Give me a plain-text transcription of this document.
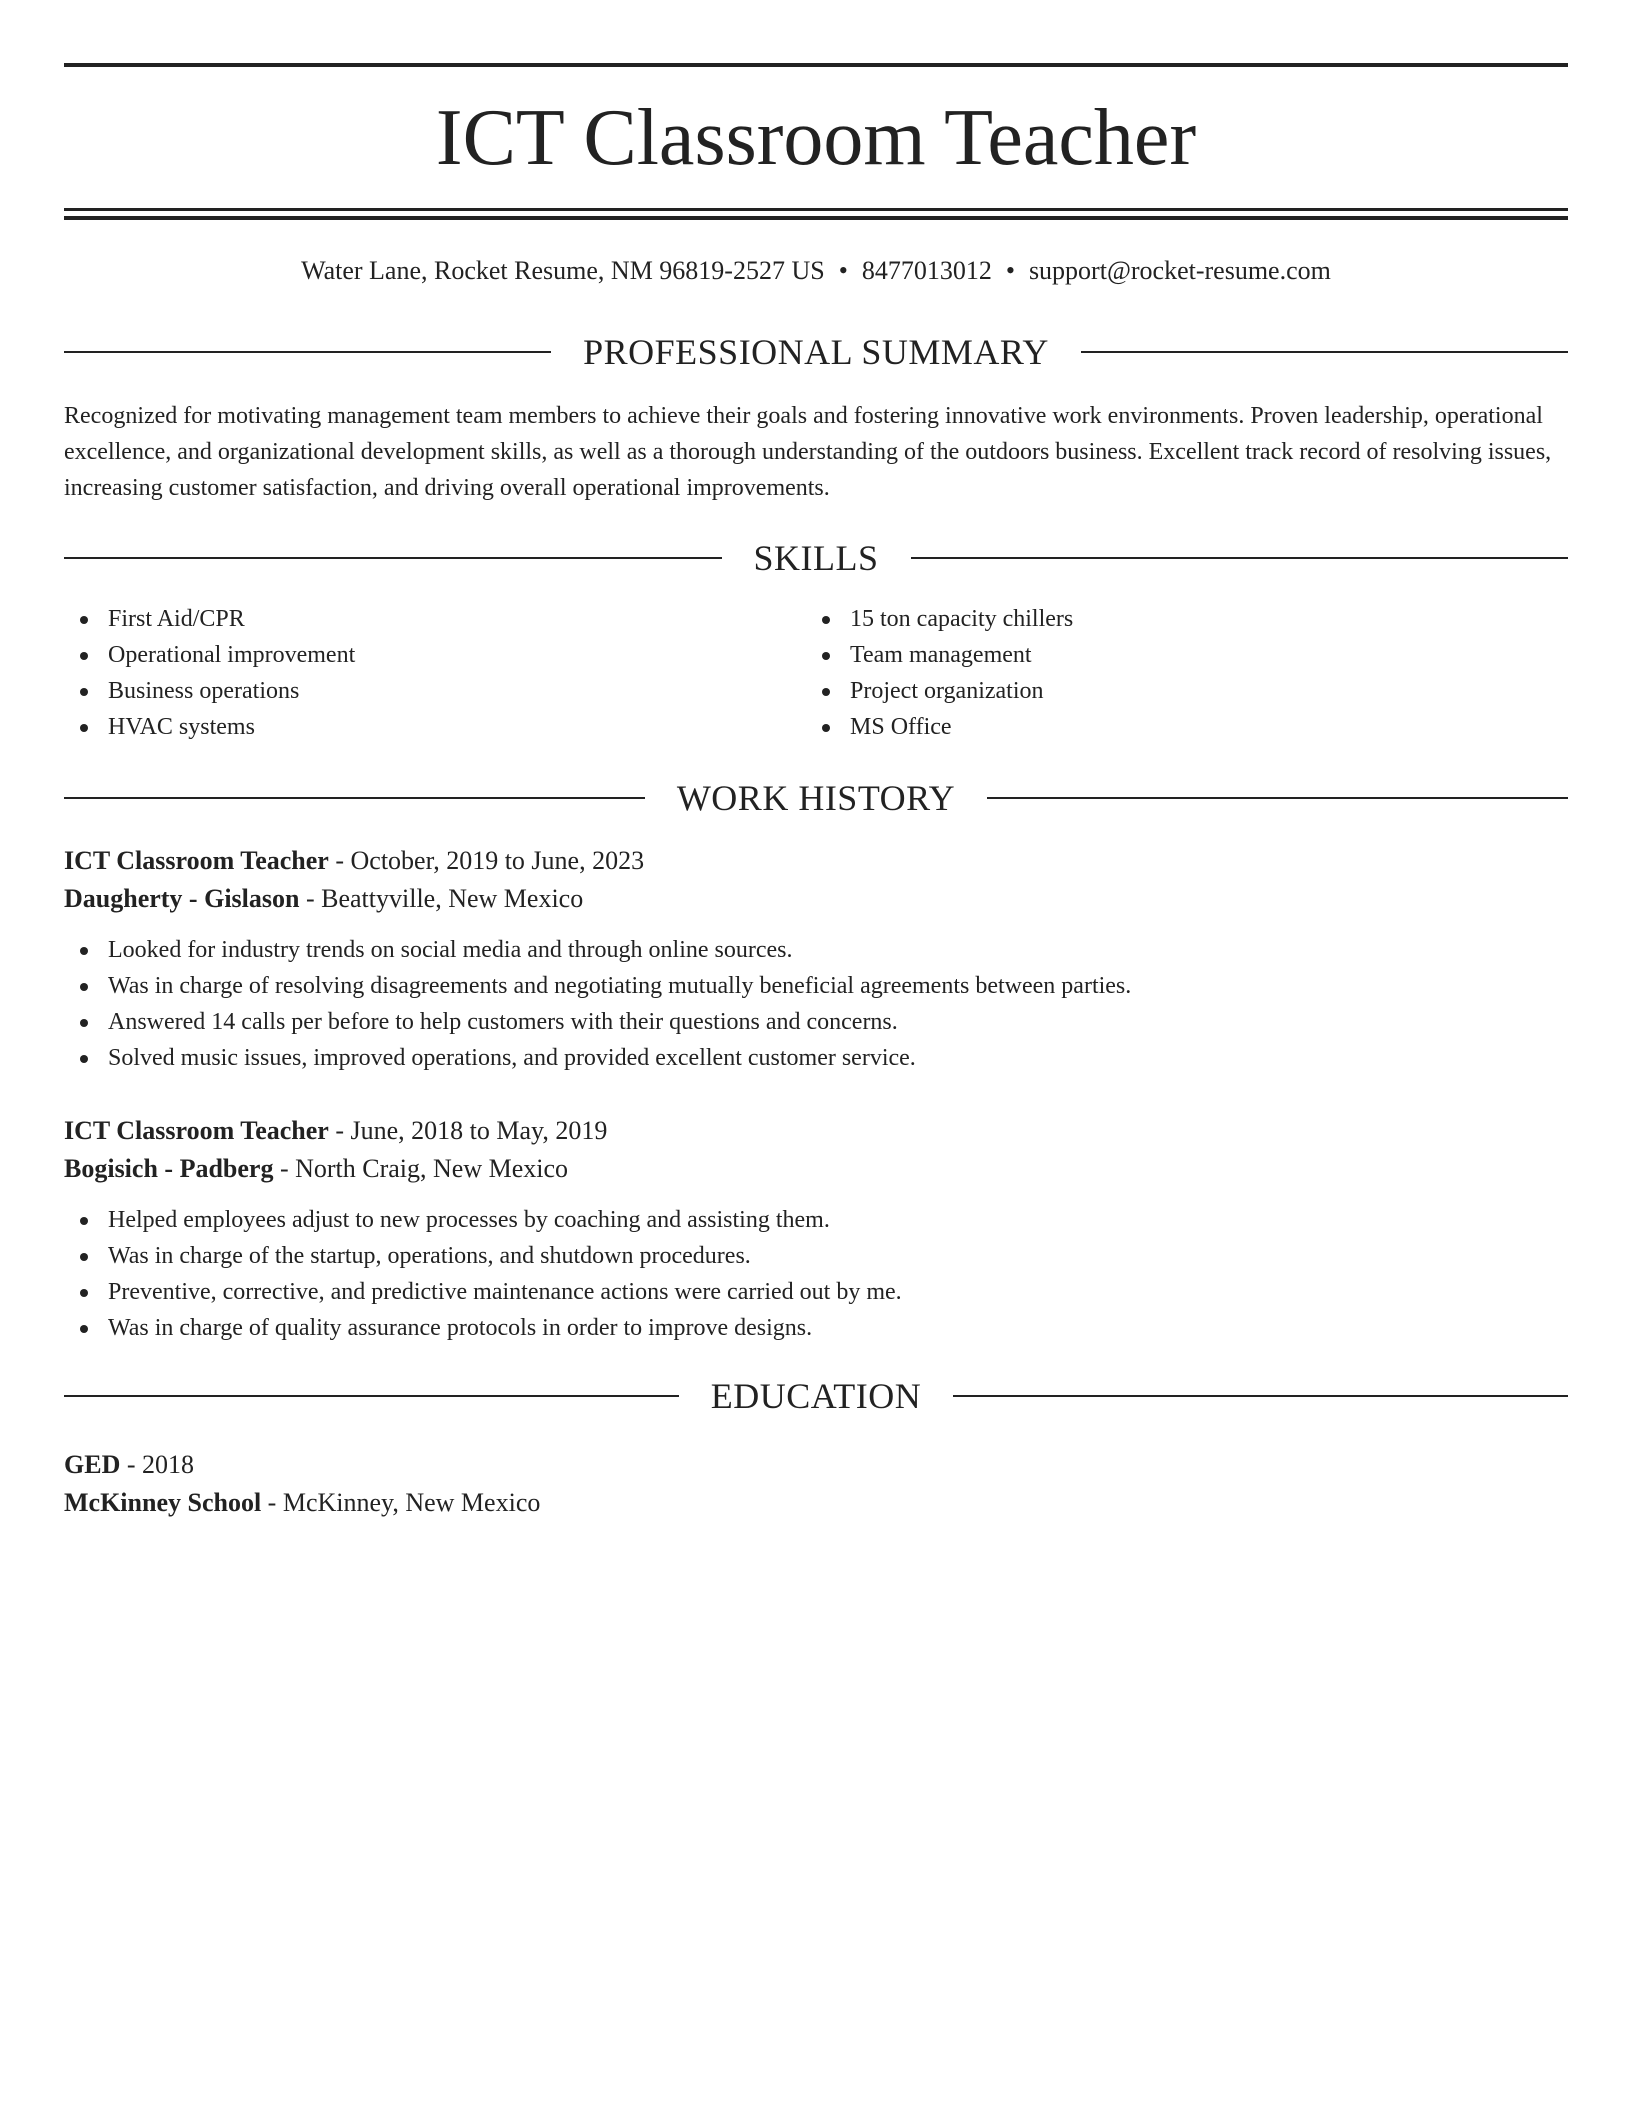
ICT Classroom Teacher
Water Lane, Rocket Resume, NM 96819-2527 US • 8477013012 • support@rocket-resume.com
PROFESSIONAL SUMMARY

Recognized for motivating management team members to achieve their goals and fostering innovative work environments. Proven leadership, operational excellence, and organizational development skills, as well as a thorough understanding of the outdoors business. Excellent track record of resolving issues, increasing customer satisfaction, and driving overall operational improvements.

SKILLS
First Aid/CPR
Operational improvement
Business operations
HVAC systems
15 ton capacity chillers
Team management
Project organization
MS Office
WORK HISTORY
ICT Classroom Teacher - October, 2019 to June, 2023
Daugherty - Gislason - Beattyville, New Mexico
Looked for industry trends on social media and through online sources.
Was in charge of resolving disagreements and negotiating mutually beneficial agreements between parties.
Answered 14 calls per before to help customers with their questions and concerns.
Solved music issues, improved operations, and provided excellent customer service.
ICT Classroom Teacher - June, 2018 to May, 2019
Bogisich - Padberg - North Craig, New Mexico
Helped employees adjust to new processes by coaching and assisting them.
Was in charge of the startup, operations, and shutdown procedures.
Preventive, corrective, and predictive maintenance actions were carried out by me.
Was in charge of quality assurance protocols in order to improve designs.
EDUCATION
GED - 2018
McKinney School - McKinney, New Mexico
